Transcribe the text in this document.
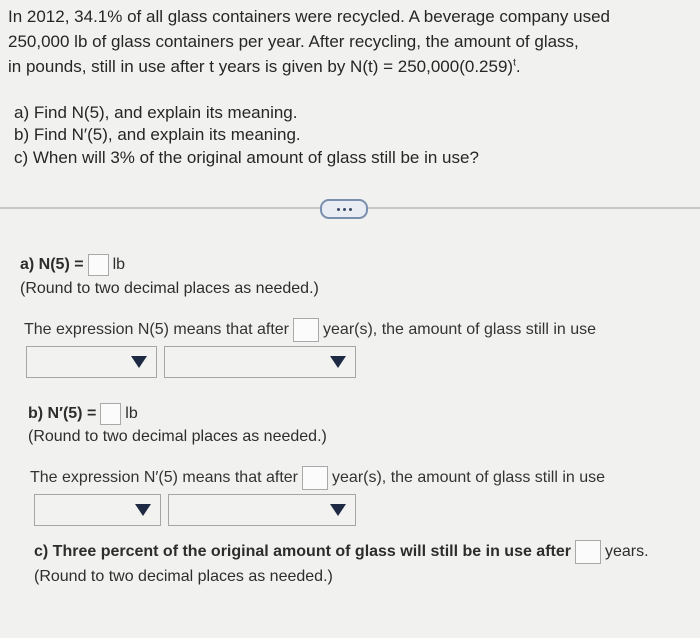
In 2012, 34.1% of all glass containers were recycled. A beverage company used
250,000 lb of glass containers per year. After recycling, the amount of glass,
in pounds, still in use after t years is given by $N(t) = 250,000(0.259)^t$.
a) Find N(5), and explain its meaning.
b) Find N′(5), and explain its meaning.
c) When will 3% of the original amount of glass still be in use?
a) N(5) = lb
(Round to two decimal places as needed.)
The expression N(5) means that after year(s), the amount of glass still in use
b) N′(5) = lb
(Round to two decimal places as needed.)
The expression N′(5) means that after year(s), the amount of glass still in use
c) Three percent of the original amount of glass will still be in use after years.
(Round to two decimal places as needed.)
